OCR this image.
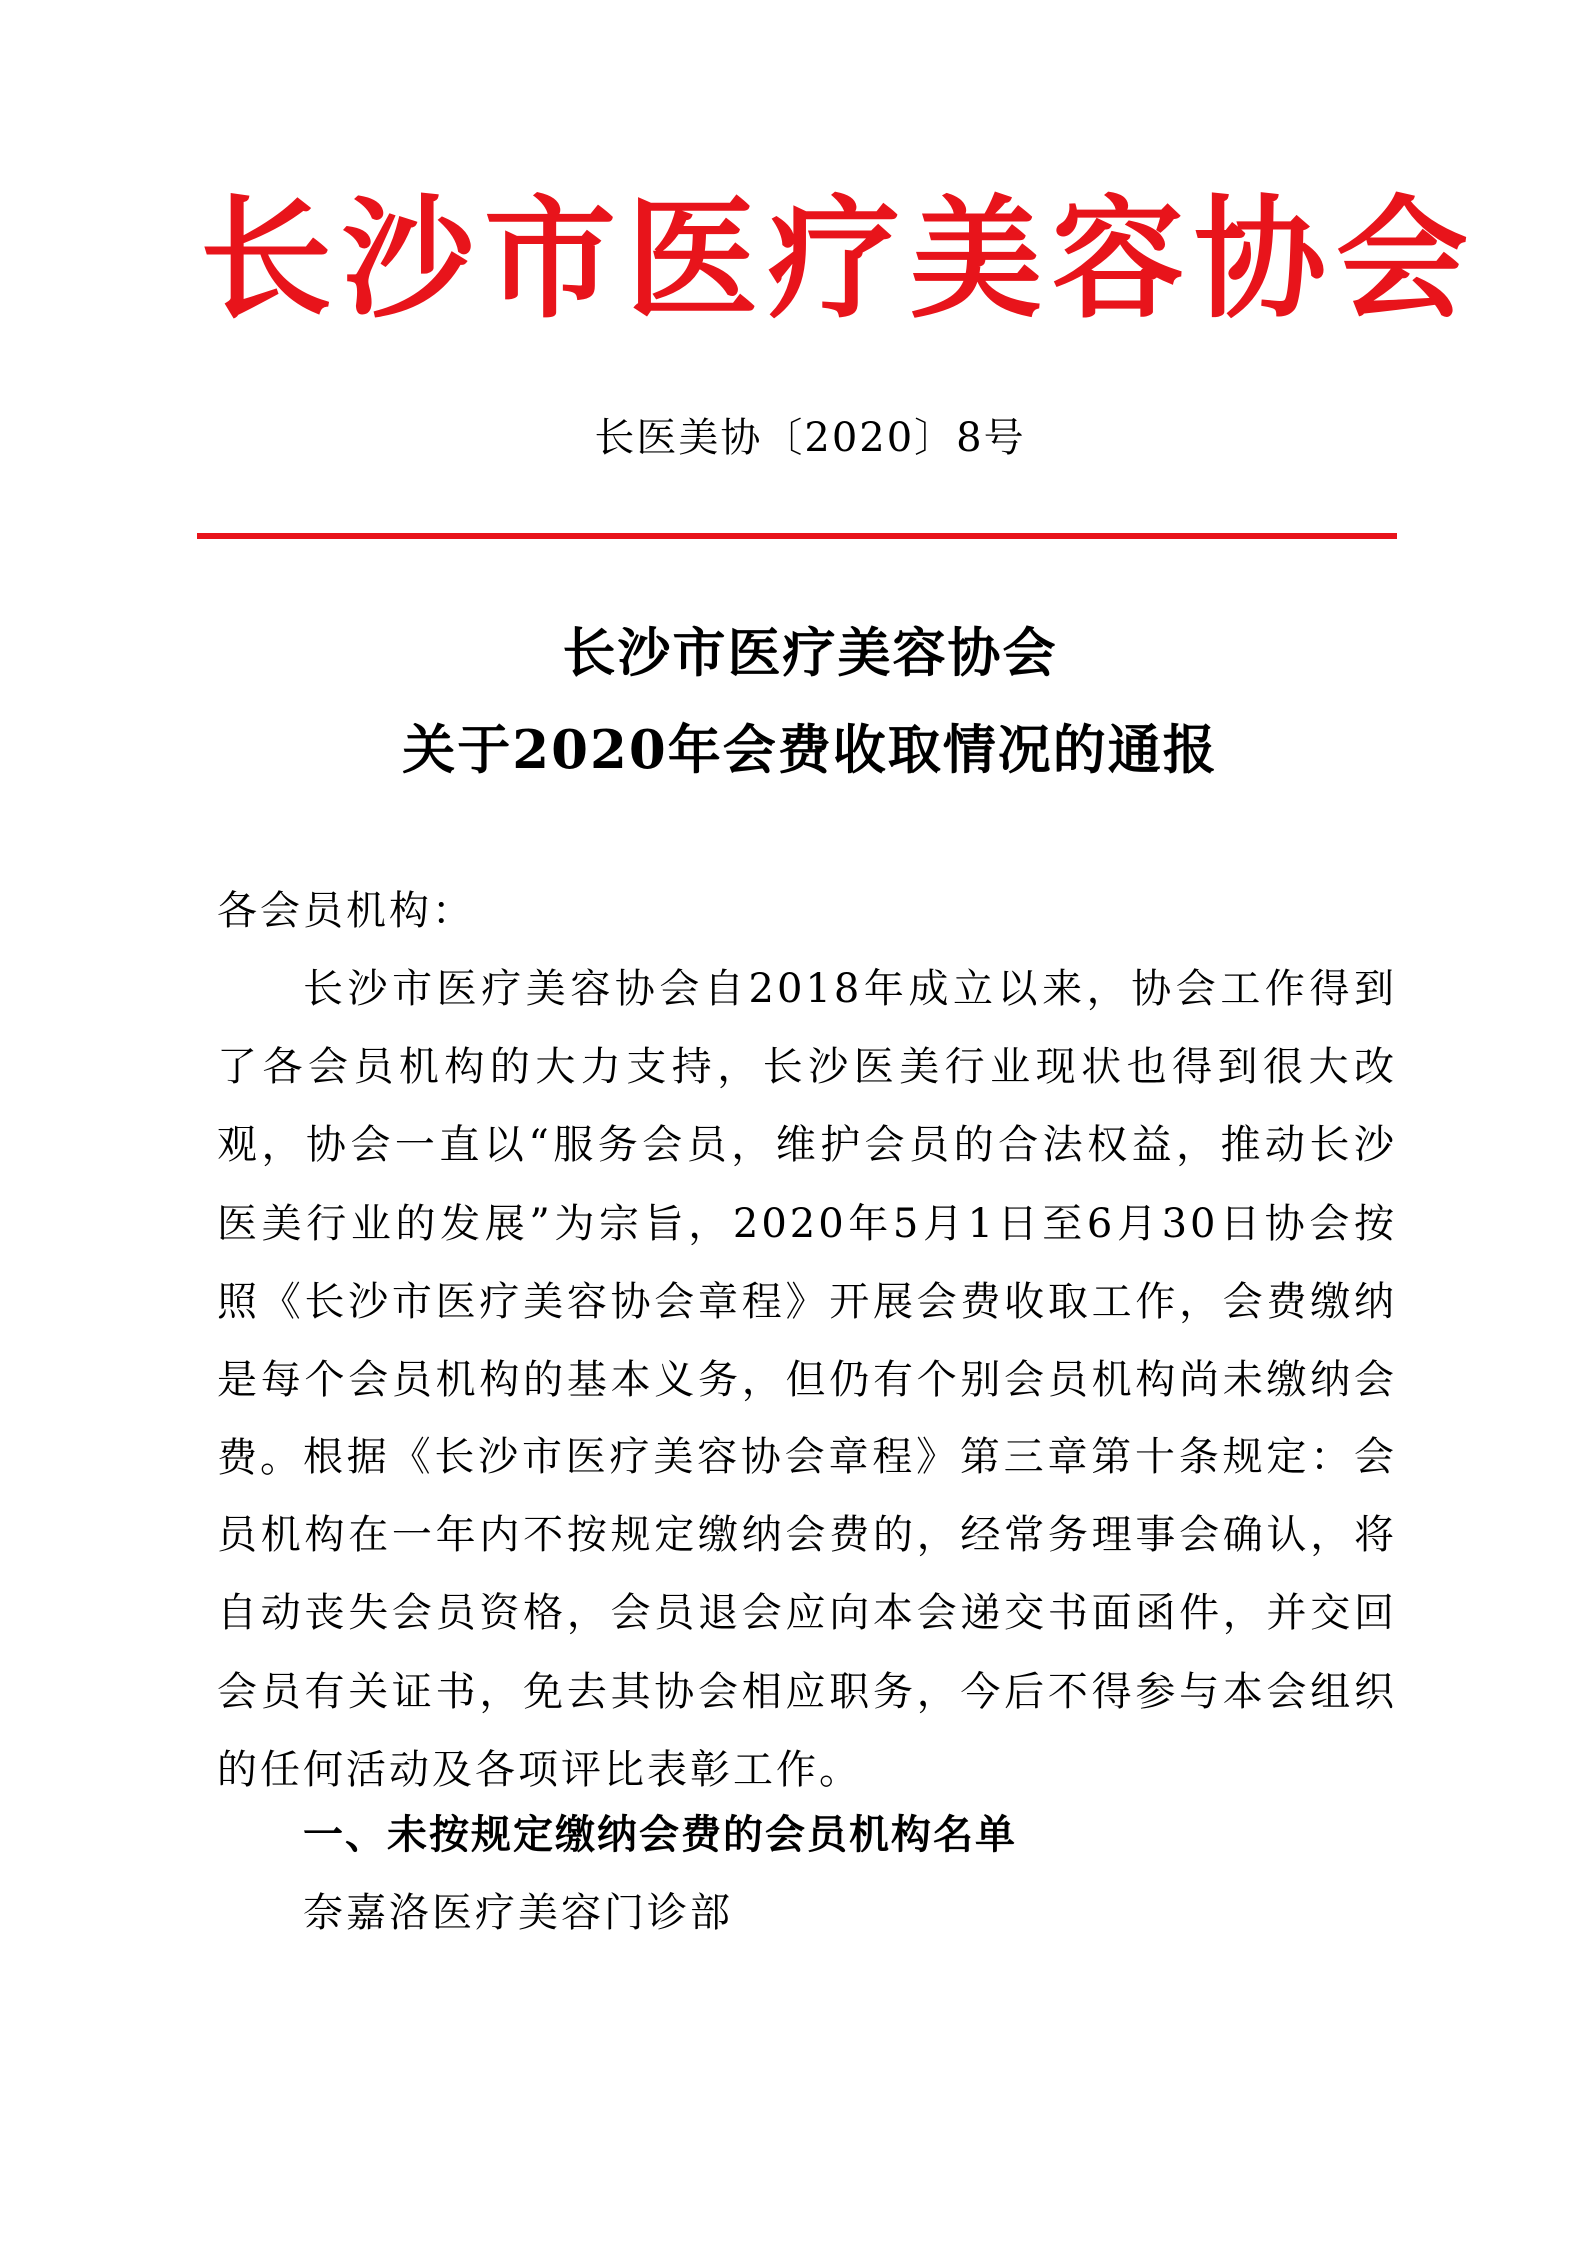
长沙市医疗美容协会
长医美协〔2020〕8号
长沙市医疗美容协会
关于2020年会费收取情况的通报
各会员机构：
长沙市医疗美容协会自2018年成立以来，协会工作得到了各会员机构的大力支持，长沙医美行业现状也得到很大改观，协会一直以“服务会员，维护会员的合法权益，推动长沙医美行业的发展”为宗旨，2020年5月1日至6月30日协会按照《长沙市医疗美容协会章程》开展会费收取工作，会费缴纳是每个会员机构的基本义务，但仍有个别会员机构尚未缴纳会费。 根据《长沙市医疗美容协会章程》第三章第十条规定：会员机构在一年内不按规定缴纳会费的，经常务理事会确认，将自动丧失会员资格，会员退会应向本会递交书面函件，并交回会员有关证书，免去其协会相应职务，今后不得参与本会组织的任何活动及各项评比表彰工作。
一、未按规定缴纳会费的会员机构名单
奈嘉洛医疗美容门诊部
